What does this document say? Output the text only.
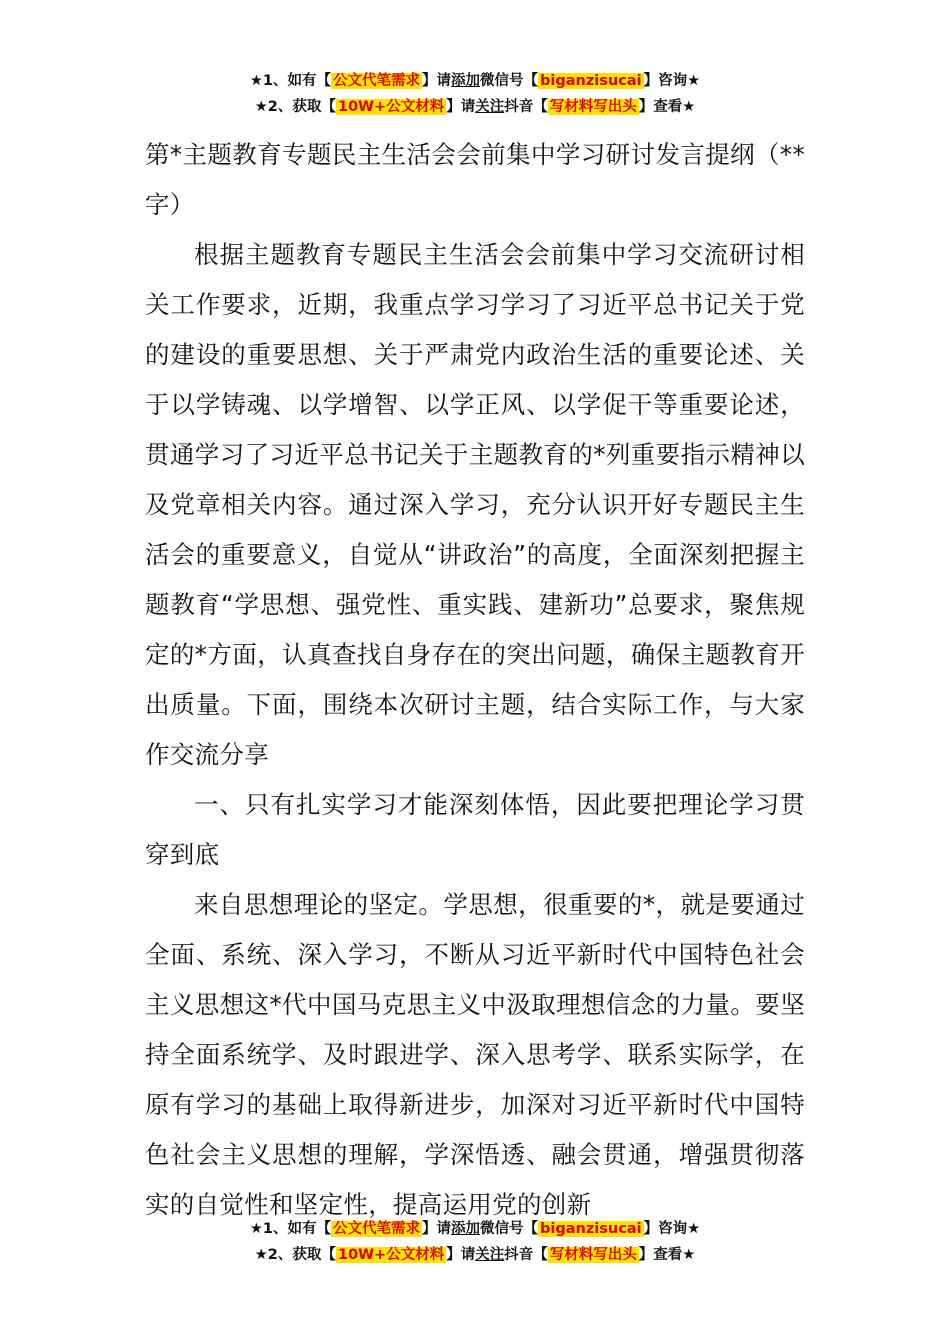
★1、如有【 公文代笔需求 】请添加微信号【 biganzisucai 】咨询★
★2、获取【 10W+公文材料 】请关注抖音【 写材料写出头 】查看★

第*主题教育专题民主生活会会前集中学习研讨发言提纲（**字）

根据主题教育专题民主生活会会前集中学习交流研讨相关工作要求，近期，我重点学习学习了习近平总书记关于党的建设的重要思想、关于严肃党内政治生活的重要论述、关于以学铸魂、以学增智、以学正风、以学促干等重要论述，贯通学习了习近平总书记关于主题教育的*列重要指示精神以及党章相关内容。通过深入学习，充分认识开好专题民主生活会的重要意义，自觉从“讲政治”的高度，全面深刻把握主题教育“学思想、强党性、重实践、建新功”总要求，聚焦规定的*方面，认真查找自身存在的突出问题，确保主题教育开出质量。下面，围绕本次研讨主题，结合实际工作，与大家作交流分享

一、只有扎实学习才能深刻体悟，因此要把理论学习贯穿到底

来自思想理论的坚定。学思想，很重要的*，就是要通过全面、系统、深入学习，不断从习近平新时代中国特色社会主义思想这*代中国马克思主义中汲取理想信念的力量。要坚持全面系统学、及时跟进学、深入思考学、联系实际学，在原有学习的基础上取得新进步，加深对习近平新时代中国特色社会主义思想的理解，学深悟透、融会贯通，增强贯彻落实的自觉性和坚定性，提高运用党的创新

★1、如有【 公文代笔需求 】请添加微信号【 biganzisucai 】咨询★
★2、获取【 10W+公文材料 】请关注抖音【 写材料写出头 】查看★
